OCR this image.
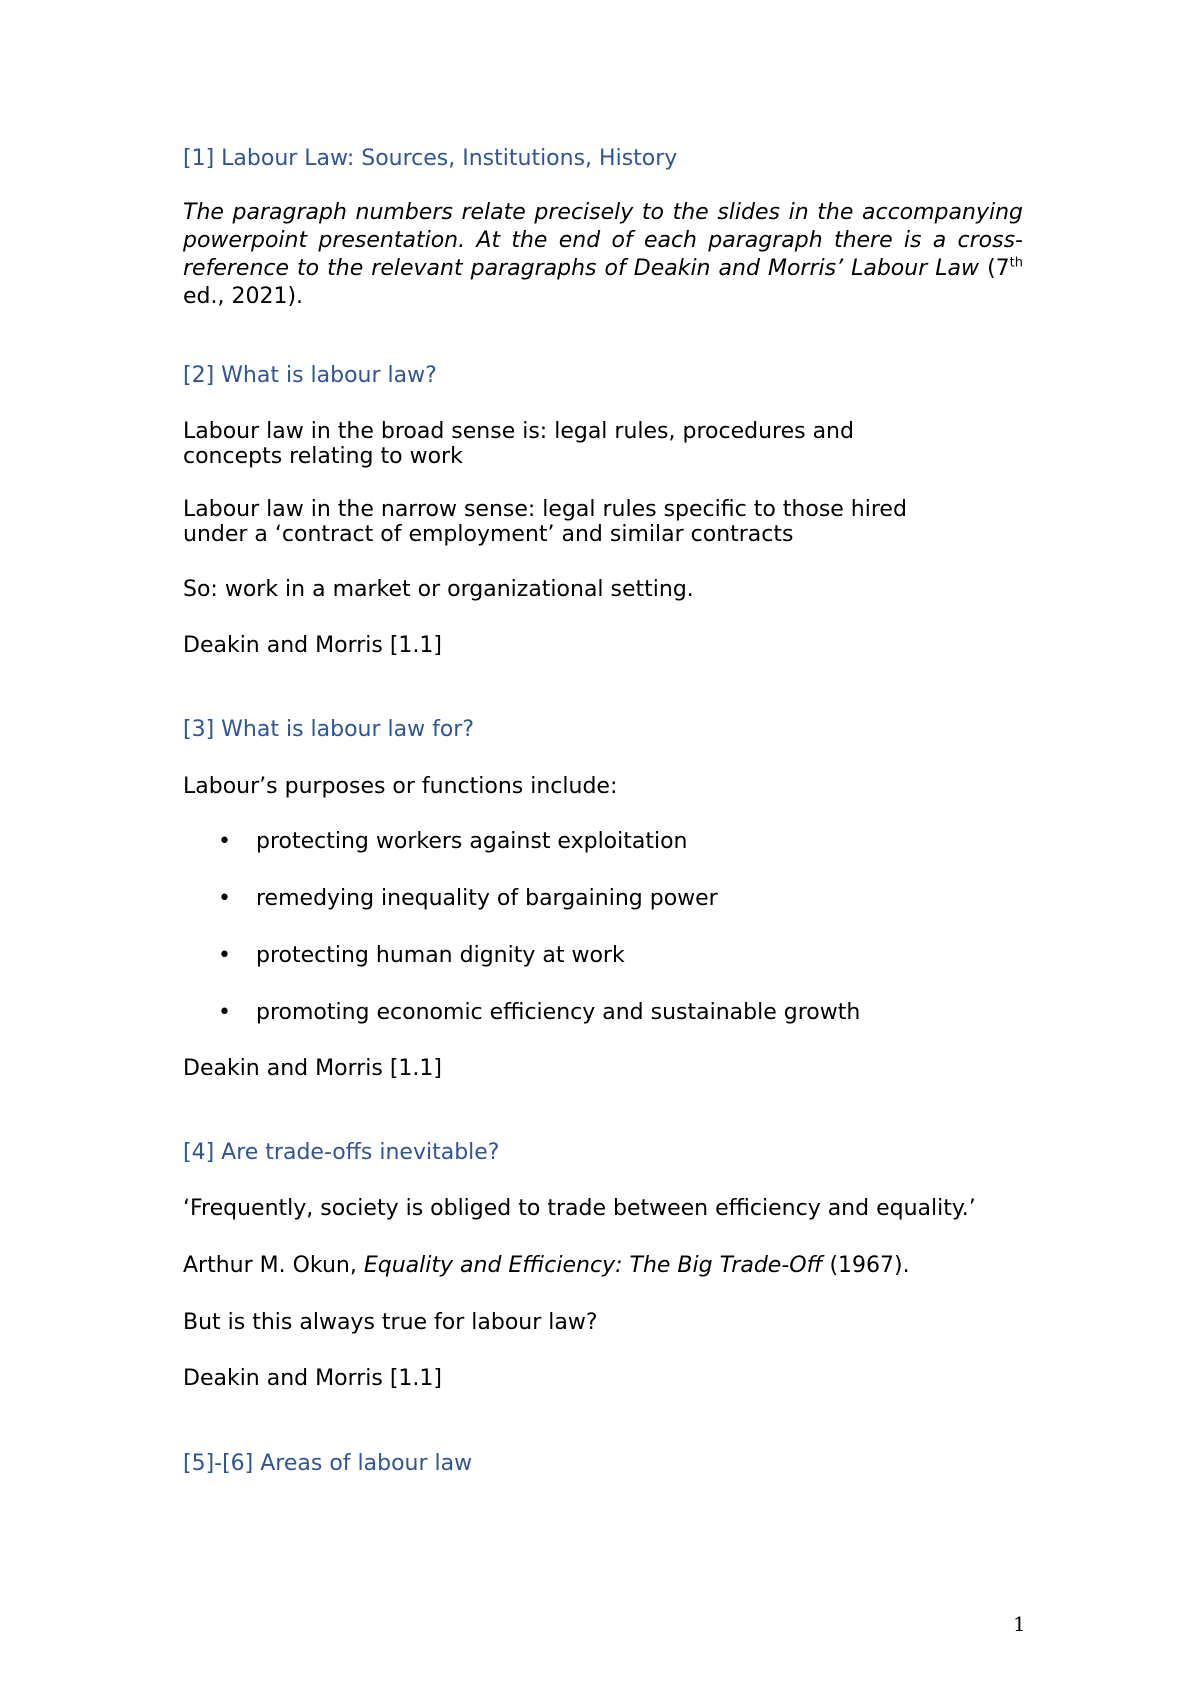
[1] Labour Law: Sources, Institutions, History

The paragraph numbers relate precisely to the slides in the accompanying powerpoint presentation. At the end of each paragraph there is a cross-reference to the relevant paragraphs of Deakin and Morris’ Labour Law (7th ed., 2021).

[2] What is labour law?

Labour law in the broad sense is: legal rules, procedures and

concepts relating to work

Labour law in the narrow sense: legal rules specific to those hired

under a ‘contract of employment’ and similar contracts

So: work in a market or organizational setting.

Deakin and Morris [1.1]

[3] What is labour law for?

Labour’s purposes or functions include:

• protecting workers against exploitation
• remedying inequality of bargaining power
• protecting human dignity at work
• promoting economic efficiency and sustainable growth

Deakin and Morris [1.1]

[4] Are trade-offs inevitable?

‘Frequently, society is obliged to trade between efficiency and equality.’

Arthur M. Okun, Equality and Efficiency: The Big Trade-Off (1967).

But is this always true for labour law?

Deakin and Morris [1.1]

[5]-[6] Areas of labour law
1
